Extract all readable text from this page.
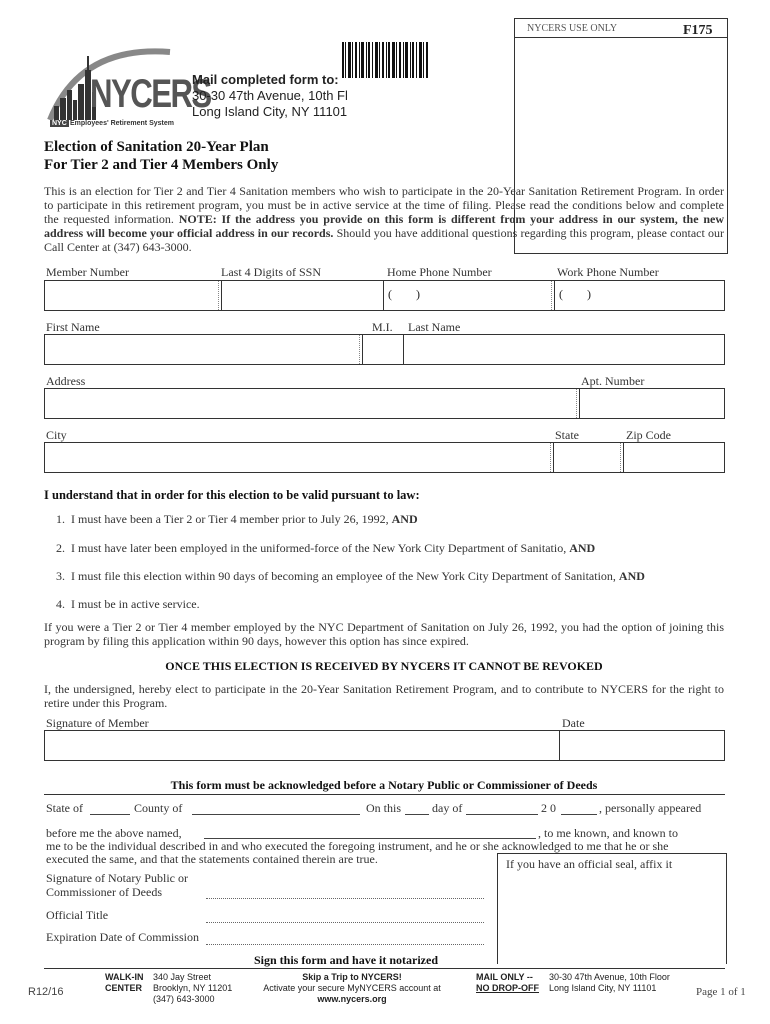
NYCERS USE ONLY	F175
NYCERS
NYC Employees' Retirement System
Mail completed form to:
30-30 47th Avenue, 10th Fl
Long Island City, NY 11101
Election of Sanitation 20-Year Plan
For Tier 2 and Tier 4 Members Only
This is an election for Tier 2 and Tier 4 Sanitation members who wish to participate in the 20-Year Sanitation Retirement Program. In order to participate in this retirement program, you must be in active service at the time of filing. Please read the conditions below and complete the requested information. NOTE: If the address you provide on this form is different from your address in our system, the new address will become your official address in our records. Should you have additional questions regarding this program, please contact our Call Center at (347) 643-3000.
Member Number	Last 4 Digits of SSN	Home Phone Number	Work Phone Number
( )	( )
First Name	M.I. Last Name
Address	Apt. Number
City	State	Zip Code
I understand that in order for this election to be valid pursuant to law:
1. I must have been a Tier 2 or Tier 4 member prior to July 26, 1992, AND
2. I must have later been employed in the uniformed-force of the New York City Department of Sanitatio, AND
3. I must file this election within 90 days of becoming an employee of the New York City Department of Sanitation, AND
4. I must be in active service.
If you were a Tier 2 or Tier 4 member employed by the NYC Department of Sanitation on July 26, 1992, you had the option of joining this program by filing this application within 90 days, however this option has since expired.
ONCE THIS ELECTION IS RECEIVED BY NYCERS IT CANNOT BE REVOKED
I, the undersigned, hereby elect to participate in the 20-Year Sanitation Retirement Program, and to contribute to NYCERS for the right to retire under this Program.
Signature of Member	Date
This form must be acknowledged before a Notary Public or Commissioner of Deeds
State of	County of	On this	day of	2 0	, personally appeared
before me the above named,	, to me known, and known to
me to be the individual described in and who executed the foregoing instrument, and he or she acknowledged to me that he or she
executed the same, and that the statements contained therein are true.	If you have an official seal, affix it
Signature of Notary Public or
Commissioner of Deeds
Official Title
Expiration Date of Commission
Sign this form and have it notarized
R12/16
WALK-IN
CENTER
340 Jay Street
Brooklyn, NY 11201
(347) 643-3000
Skip a Trip to NYCERS!
Activate your secure MyNYCERS account at
www.nycers.org
MAIL ONLY --
NO DROP-OFF
30-30 47th Avenue, 10th Floor
Long Island City, NY 11101	Page 1 of 1
